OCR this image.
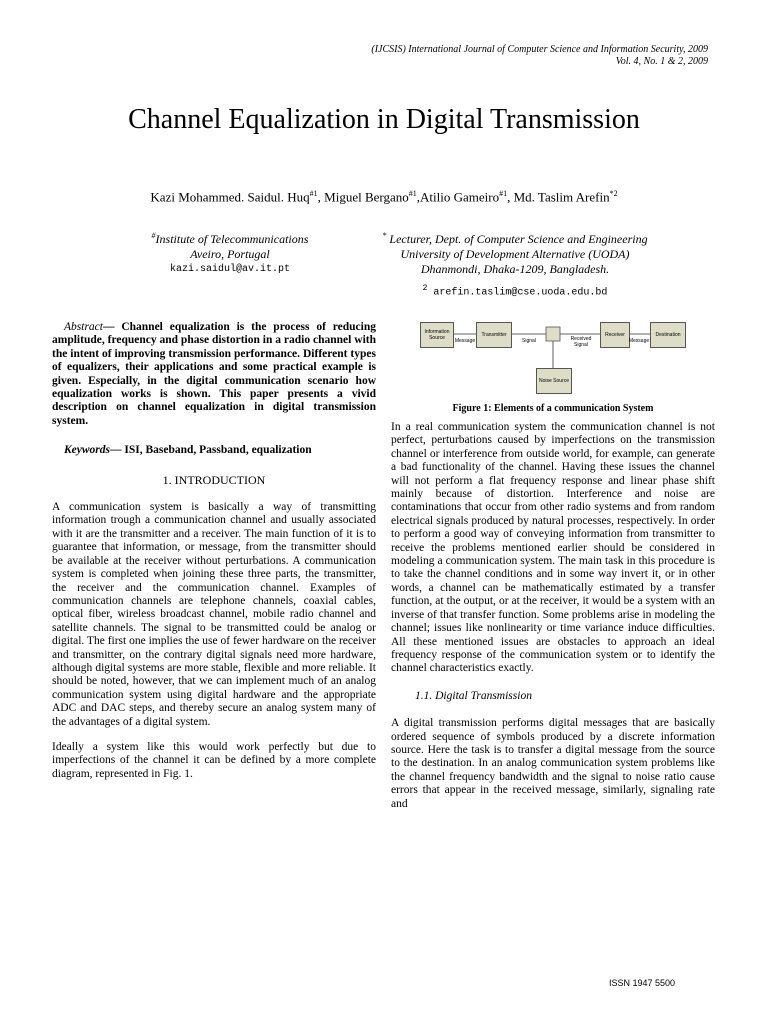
(IJCSIS) International Journal of Computer Science and Information Security, 2009
Vol. 4, No. 1 & 2, 2009
Channel Equalization in Digital Transmission
Kazi Mohammed. Saidul. Huq$^{\#1}$, Miguel Bergano$^{\#1}$,Atilio Gameiro$^{\#1}$, Md. Taslim Arefin$^{*2}$
#Institute of Telecommunications
Aveiro, Portugal
kazi.saidul@av.it.pt
* Lecturer, Dept. of Computer Science and Engineering
University of Development Alternative (UODA)
Dhanmondi, Dhaka-1209, Bangladesh.
$^2$ arefin.taslim@cse.uoda.edu.bd

Abstract— Channel equalization is the process of reducing amplitude, frequency and phase distortion in a radio channel with the intent of improving transmission performance. Different types of equalizers, their applications and some practical example is given. Especially, in the digital communication scenario how equalization works is shown. This paper presents a vivid description on channel equalization in digital transmission system.

Keywords— ISI, Baseband, Passband, equalization

1. INTRODUCTION

A communication system is basically a way of transmitting information trough a communication channel and usually associated with it are the transmitter and a receiver. The main function of it is to guarantee that information, or message, from the transmitter should be available at the receiver without perturbations. A communication system is completed when joining these three parts, the transmitter, the receiver and the communication channel. Examples of communication channels are telephone channels, coaxial cables, optical fiber, wireless broadcast channel, mobile radio channel and satellite channels. The signal to be transmitted could be analog or digital. The first one implies the use of fewer hardware on the receiver and transmitter, on the contrary digital signals need more hardware, although digital systems are more stable, flexible and more reliable. It should be noted, however, that we can implement much of an analog communication system using digital hardware and the appropriate ADC and DAC steps, and thereby secure an analog system many of the advantages of a digital system.

Ideally a system like this would work perfectly but due to imperfections of the channel it can be defined by a more complete diagram, represented in Fig. 1.

Information Source	Transmitter	Receiver	Destination
Noise Source
Message	Signal	Received Signal
Message
Figure 1: Elements of a communication System

In a real communication system the communication channel is not perfect, perturbations caused by imperfections on the transmission channel or interference from outside world, for example, can generate a bad functionality of the channel. Having these issues the channel will not perform a flat frequency response and linear phase shift mainly because of distortion. Interference and noise are contaminations that occur from other radio systems and from random electrical signals produced by natural processes, respectively. In order to perform a good way of conveying information from transmitter to receive the problems mentioned earlier should be considered in modeling a communication system. The main task in this procedure is to take the channel conditions and in some way invert it, or in other words, a channel can be mathematically estimated by a transfer function, at the output, or at the receiver, it would be a system with an inverse of that transfer function. Some problems arise in modeling the channel; issues like nonlinearity or time variance induce difficulties. All these mentioned issues are obstacles to approach an ideal frequency response of the communication system or to identify the channel characteristics exactly.

1.1. Digital Transmission

A digital transmission performs digital messages that are basically ordered sequence of symbols produced by a discrete information source. Here the task is to transfer a digital message from the source to the destination. In an analog communication system problems like the channel frequency bandwidth and the signal to noise ratio cause errors that appear in the received message, similarly, signaling rate and

ISSN 1947 5500
